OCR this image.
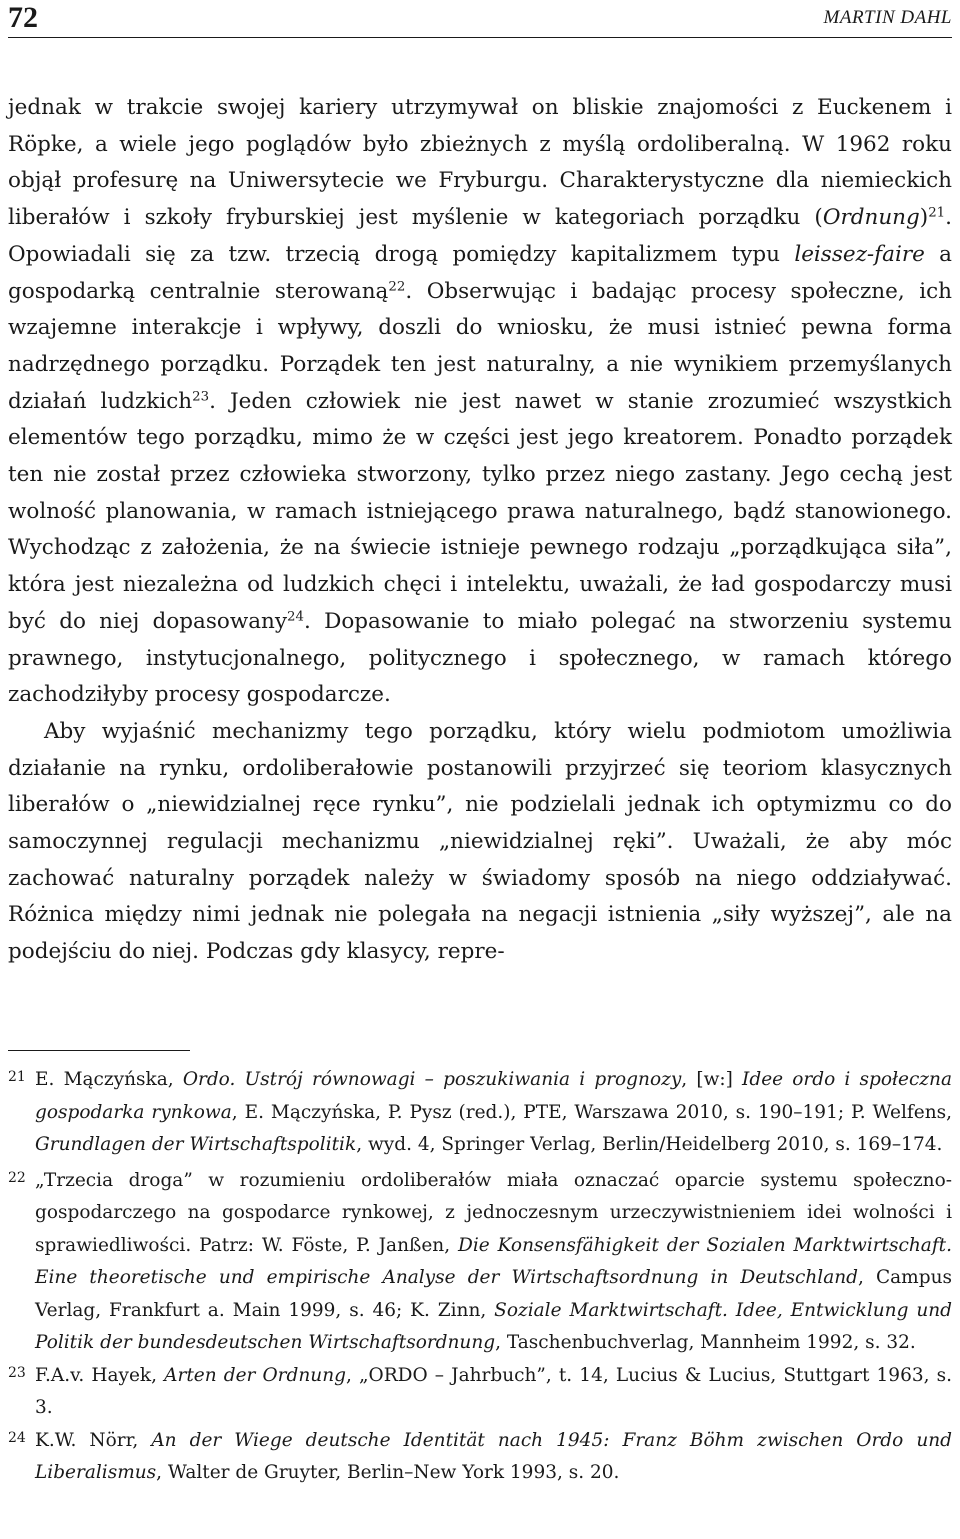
72	MARTIN DAHL

jednak w trakcie swojej kariery utrzymywał on bliskie znajomości z Euckenem i Röpke, a wiele jego poglądów było zbieżnych z myślą ordoliberalną. W 1962 roku objął profesurę na Uniwersytecie we Fryburgu. Charakterystyczne dla niemieckich liberałów i szkoły fryburskiej jest myślenie w kategoriach porządku (Ordnung)$^{21}$. Opowiadali się za tzw. trzecią drogą pomiędzy kapitalizmem typu leissez-faire a gospodarką centralnie sterowaną$^{22}$. Obserwując i badając procesy społeczne, ich wzajemne interakcje i wpływy, doszli do wniosku, że musi istnieć pewna forma nadrzędnego porządku. Porządek ten jest naturalny, a nie wynikiem przemyślanych działań ludzkich$^{23}$. Jeden człowiek nie jest nawet w stanie zrozumieć wszystkich elementów tego porządku, mimo że w części jest jego kreatorem. Ponadto porządek ten nie został przez człowieka stworzony, tylko przez niego zastany. Jego cechą jest wolność planowania, w ramach istniejącego prawa naturalnego, bądź stanowionego. Wychodząc z założenia, że na świecie istnieje pewnego rodzaju „porządkująca siła”, która jest niezależna od ludzkich chęci i intelektu, uważali, że ład gospodarczy musi być do niej dopasowany$^{24}$. Dopasowanie to miało polegać na stworzeniu systemu prawnego, instytucjonalnego, politycznego i społecznego, w ramach którego zachodziłyby procesy gospodarcze.

Aby wyjaśnić mechanizmy tego porządku, który wielu podmiotom umożliwia działanie na rynku, ordoliberałowie postanowili przyjrzeć się teoriom klasycznych liberałów o „niewidzialnej ręce rynku”, nie podzielali jednak ich optymizmu co do samoczynnej regulacji mechanizmu „niewidzialnej ręki”. Uważali, że aby móc zachować naturalny porządek należy w świadomy sposób na niego oddziaływać. Różnica między nimi jednak nie polegała na negacji istnienia „siły wyższej”, ale na podejściu do niej. Podczas gdy klasycy, repre-

21 E. Mączyńska, Ordo. Ustrój równowagi – poszukiwania i prognozy, [w:] Idee ordo i społeczna gospodarka rynkowa, E. Mączyńska, P. Pysz (red.), PTE, Warszawa 2010, s. 190–191; P. Welfens, Grundlagen der Wirtschaftspolitik, wyd. 4, Springer Verlag, Berlin/Heidelberg 2010, s. 169–174.
22 „Trzecia droga” w rozumieniu ordoliberałów miała oznaczać oparcie systemu społeczno-gospodarczego na gospodarce rynkowej, z jednoczesnym urzeczywistnieniem idei wolności i sprawiedliwości. Patrz: W. Föste, P. Janßen, Die Konsensfähigkeit der Sozialen Marktwirtschaft. Eine theoretische und empirische Analyse der Wirtschaftsordnung in Deutschland, Campus Verlag, Frankfurt a. Main 1999, s. 46; K. Zinn, Soziale Marktwirtschaft. Idee, Entwicklung und Politik der bundesdeutschen Wirtschaftsordnung, Taschenbuchverlag, Mannheim 1992, s. 32.
23 F.A.v. Hayek, Arten der Ordnung, „ORDO – Jahrbuch”, t. 14, Lucius & Lucius, Stuttgart 1963, s. 3.
24 K.W. Nörr, An der Wiege deutsche Identität nach 1945: Franz Böhm zwischen Ordo und Liberalismus, Walter de Gruyter, Berlin–New York 1993, s. 20.
